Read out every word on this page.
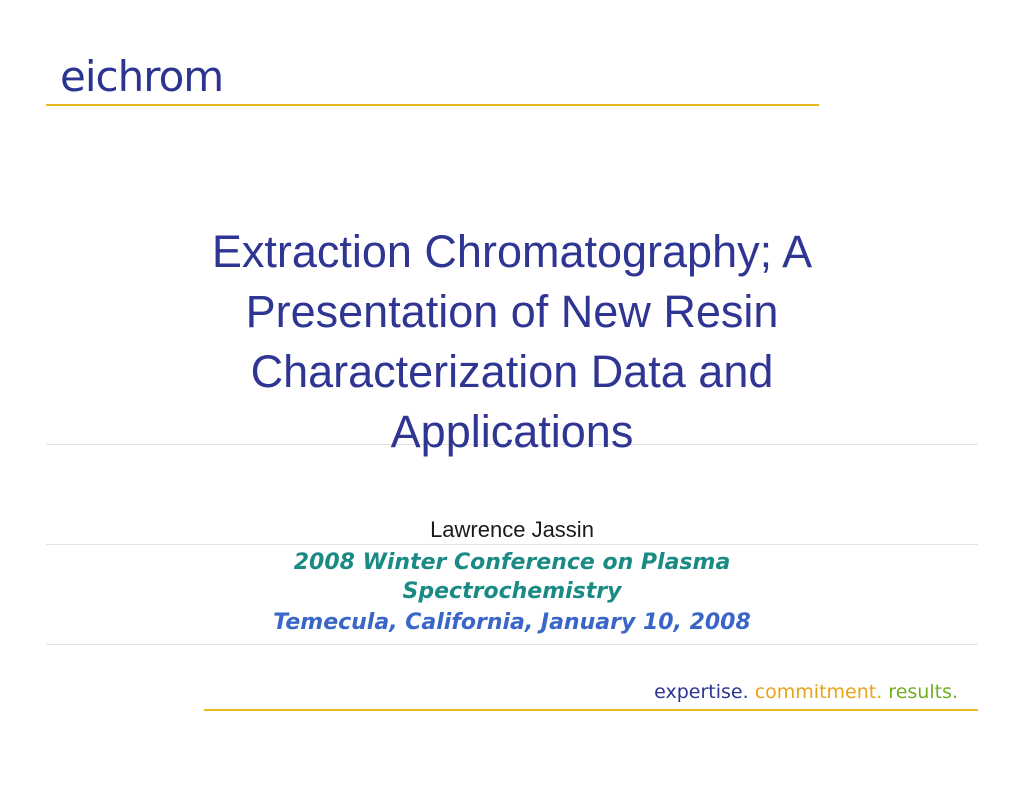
eichrom
Extraction Chromatography; A
Presentation of New Resin
Characterization Data and
Applications
Lawrence Jassin
2008 Winter Conference on Plasma
Spectrochemistry
Temecula, California, January 10, 2008
expertise. commitment. results.
